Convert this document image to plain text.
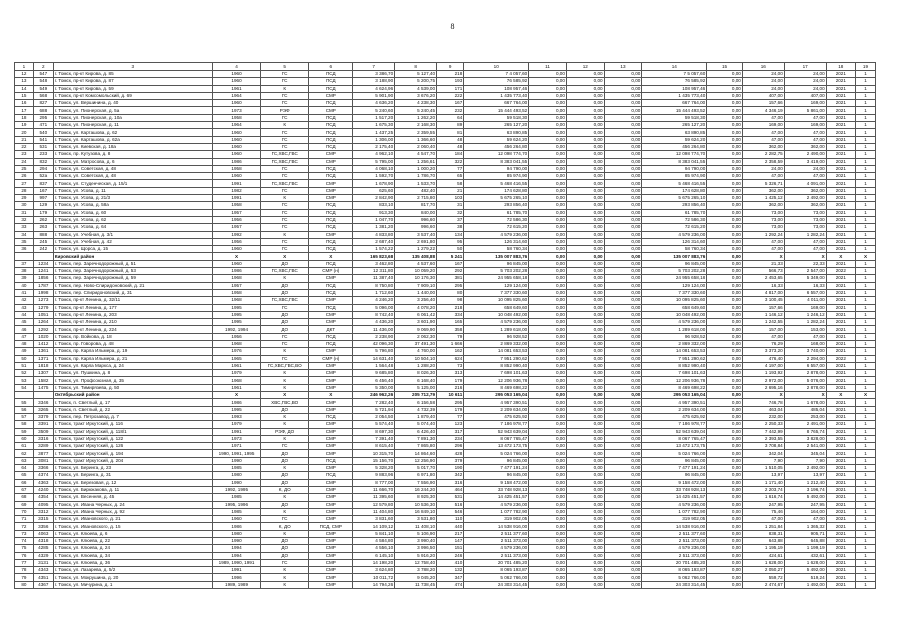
8
1	2	3	4	5	6	7	8	9	10	11	12	13	14	15	16	17	18	19
12	547	г. Томск, пр-кт Кирова, д. 85	1960	ГС	ПСД	3 386,70	5 127,40	218	7 4 057,60	0,00	0,00	0,00	7 5 057,60	0,00	24,00	24,00	2021	1
13	548	г. Томск, пр-кт Кирова, д. 87	1960	ГС	ПСД	3 188,90	5 200,75	193	76 585,92	0,00	0,00	0,00	76 585,92	0,00	24,00	24,00	2021	1
14	549	г. Томск, пр-кт Кирова, д. 59	1961	К	ПСД	4 624,96	4 539,00	171	108 957,46	0,00	0,00	0,00	108 957,46	0,00	24,00	24,00	2021	1
15	568	г. Томск, пр-кт Комсомольский, д. 69	1964	ГС	СМР	5 901,90	3 676,20	222	1 435 773,40	0,00	0,00	0,00	1 435 773,40	0,00	407,00	407,00	2021	1
16	827	г. Томск, ул. Вершинина, д. 40	1960	ГС	ПСД	4 636,20	4 238,30	167	667 764,00	0,00	0,00	0,00	667 764,00	0,00	157,66	169,00	2021	1
17	688	г. Томск, ул. Пионерская, д. 5а	1973	РЭФ	СМР	5 240,60	5 240,45	232	15 444 493,52	0,00	0,00	0,00	15 444 493,52	0,00	4 346,19	5 861,00	2021	1
18	295	г. Томск, ул. Пионерская, д. 10а	1958	ГС	ПСД	1 517,20	1 262,20	64	59 518,30	0,00	0,00	0,00	59 518,30	0,00	47,00	47,00	2021	1
19	471	г. Томск, ул. Пионерская, д. 11	1964	К	ПСД	1 675,30	2 168,30	89	265 127,20	0,00	0,00	0,00	265 127,20	0,00	169,00	169,00	2021	1
20	540	г. Томск, ул. Карташова, д. 62	1960	ГС	ПСД	1 437,25	2 359,55	81	63 890,85	0,00	0,00	0,00	63 890,85	0,00	47,00	47,00	2021	1
21	541	г. Томск, ул. Карташова, д. 62а	1960	ГС	ПСД	1 306,00	1 366,60	48	59 624,20	0,00	0,00	0,00	59 624,20	0,00	47,00	47,00	2021	1
22	531	г. Томск, ул. Киевская, д. 18а	1960	ГС	ПСД	2 175,40	2 060,40	48	456 264,80	0,00	0,00	0,00	456 264,80	0,00	362,00	362,00	2021	1
23	233	г. Томск, пр. Кутузова, д. 8	1960	ГС,ХВС,ГВС	СМР	4 962,10	4 547,70	184	12 098 774,70	0,00	0,00	0,00	12 098 774,70	0,00	2 282,75	2 490,00	2021	1
24	832	г. Томск, ул. Матросова, д. 6	1986	ГС,ХВС,ГВС	СМР	5 795,00	1 256,61	322	8 383 041,55	0,00	0,00	0,00	8 383 041,55	0,00	2 358,59	3 419,00	2021	1
25	294	г. Томск, ул. Советская, д. 48	1958	ГС	ПСД	4 068,10	1 000,20	77	94 790,00	0,00	0,00	0,00	94 790,00	0,00	24,00	24,00	2021	1
26	52а	г. Томск, ул. Советская, д. 48	1960	ГС	ПСД	1 592,70	1 786,70	65	85 974,90	0,00	0,00	0,00	85 974,90	0,00	47,00	47,00	2021	1
27	837	г. Томск, ул. Студенческая, д. 15/1	1991	ГС,ХВС,ГВС	СМР	1 678,90	1 533,70	58	5 468 416,55	0,00	0,00	0,00	5 468 416,55	0,00	5 326,71	4 091,00	2021	1
28	167	г. Томск, ул. Усова, д. 11	1982	ГС	СМР	625,60	482,40	21	174 628,80	0,00	0,00	0,00	174 628,80	0,00	362,00	362,00	2021	1
29	997	г. Томск, ул. Усова, д. 21/3	1991	К	СМР	2 842,90	2 715,80	103	5 675 265,10	0,00	0,00	0,00	5 675 265,10	0,00	1 425,12	2 492,00	2021	1
30	129	г. Томск, ул. Усова, д. 58а	1958	ГС	ПСД	833,10	817,70	31	293 856,40	0,00	0,00	0,00	293 856,40	0,00	362,00	362,00	2021	1
31	179	г. Томск, ул. Усова, д. 60	1957	ГС	ПСД	913,30	840,00	32	61 785,70	0,00	0,00	0,00	61 785,70	0,00	73,00	73,00	2021	1
32	262	г. Томск, ул. Усова, д. 62	1956	ГС	ПСД	1 047,70	996,60	37	72 586,30	0,00	0,00	0,00	72 586,30	0,00	73,00	73,00	2021	1
33	263	г. Томск, ул. Усова, д. 64	1957	ГС	ПСД	1 381,20	996,60	38	72 615,20	0,00	0,00	0,00	72 615,20	0,00	73,00	73,00	2021	1
34	888	г. Томск, ул. Учебная, д. 3/1	1992	К	СМР	4 833,80	3 537,40	134	4 579 236,00	0,00	0,00	0,00	4 579 236,00	0,00	1 292,24	1 282,24	2021	1
35	245	г. Томск, ул. Учебная, д. 42	1956	ГС	ПСД	2 687,40	2 691,80	95	126 314,60	0,00	0,00	0,00	126 314,60	0,00	47,00	47,00	2021	1
36	242	г. Томск, ул. Щорса, д. 15	1960	ГС	ПСД	1 574,22	1 279,22	50	58 760,34	0,00	0,00	0,00	58 760,34	0,00	47,00	47,00	2021	1
		Кировский район	X	X	X	165 823,68	135 408,88	5 241	135 007 883,76	0,00	0,00	0,00	135 007 883,76	0,00	X	X	X	X
37	1234	г. Томск, пер. Заречнодорожный, д. 51	1960	ДО	ПСД	3 462,80	4 537,60	167	96 845,00	0,00	0,00	0,00	96 845,00	0,00	21,33	22,33	2021	1
38	1241	г. Томск, пер. Заречнодорожный, д. 53	1986	ГС,ХВС,ГВС	СМР (н)	12 311,80	10 059,20	292	5 703 202,28	0,00	0,00	0,00	5 703 202,28	0,00	566,73	2 547,00	2022	1
39	1856	г. Томск, пер. Заречнодорожный, д. 59	1968	К	СМР	11 387,40	10 176,30	381	24 955 658,18	0,00	0,00	0,00	24 955 658,18	0,00	2 453,65	5 349,00	2021	1
40	1787	г. Томск, пер. Ново-Спиридоновский, д. 21	1957	ДО	ПСД	8 750,80	7 909,10	295	129 124,00	0,00	0,00	0,00	129 124,00	0,00	16,33	16,33	2021	1
41	1998	г. Томск, пер. Спиридоновский, д. 31	1958	ДО	ПСД	1 712,60	1 440,00	80	7 377 330,60	0,00	0,00	0,00	7 377 330,60	0,00	4 817,00	6 557,00	2021	1
42	1273	г. Томск, пр-кт Ленина, д. 32/11	1968	ГС,ХВС,ГВС	СМР	4 246,20	3 256,40	98	10 095 825,60	0,00	0,00	0,00	10 095 825,60	0,00	3 100,45	4 011,00	2021	1
43	1279	г. Томск, пр-кт Ленина, д. 177	1995	ГС	ПСД	5 096,00	4 078,20	218	658 649,60	0,00	0,00	0,00	658 649,60	0,00	157,66	169,00	2021	1
44	1051	г. Томск, пр-кт Ленина, д. 203	1995	ДО	СМР	8 742,40	6 061,42	334	10 048 492,00	0,00	0,00	0,00	10 048 492,00	0,00	1 146,12	1 246,12	2021	1
45	1264	г. Томск, пр-кт Ленина, д. 210	1995	ДО	СМР	4 436,20	3 601,90	165	4 579 236,00	0,00	0,00	0,00	4 579 236,00	0,00	1 242,55	1 282,24	2021	1
46	1292	г. Томск, пр-кт Ленина, д. 224	1992, 1994	ДО	ДКТ	11 436,00	9 069,90	358	1 289 618,00	0,00	0,00	0,00	1 289 618,00	0,00	157,00	153,00	2021	1
47	1020	г. Томск, пр. Войкова, д. 18	1956	ГС	ПСД	2 238,90	2 062,30	79	96 928,52	0,00	0,00	0,00	96 928,52	0,00	47,00	47,00	2021	1
48	1412	г. Томск, пр. Говорова, д. 48	1968	ГС	ПСД	42 096,30	37 491,30	1 666	2 869 332,00	0,00	0,00	0,00	2 869 332,00	0,00	76,29	168,00	2021	1
49	1361	г. Томск, пр. Карла Ильмера, д. 19	1976	К	СМР	5 796,80	4 760,00	162	14 081 653,53	0,00	0,00	0,00	14 081 653,53	0,00	3 373,20	3 740,00	2021	1
50	1371	г. Томск, пр. Карла Ильмера, д. 21	1965	ГС	СМР (н)	14 631,40	10 504,10	624	7 951 290,62	0,00	0,00	0,00	7 951 290,62	0,00	476,40	2 294,00	2022	1
51	1818	г. Томск, ул. Карла Маркса, д. 24	1961	ГС,ХВС,ГВС,ВО	СМР	1 564,48	1 288,20	73	8 852 990,40	0,00	0,00	0,00	8 852 990,40	0,00	4 197,00	6 557,00	2021	1
52	1307	г. Томск, ул. Пушкина, д. 8	1979	К	СМР	9 685,80	8 026,30	313	7 698 101,63	0,00	0,00	0,00	7 698 101,63	0,00	1 193,92	2 878,00	2021	1
53	1582	г. Томск, ул. Профсоюзная, д. 35	1968	К	СМР	6 456,40	6 168,40	179	12 206 936,78	0,00	0,00	0,00	12 206 936,78	0,00	2 972,00	5 076,00	2021	1
54	1475	г. Томск, ул. Тимирязева, д. 50	1961	К	СМР	5 350,00	5 125,00	216	8 469 698,22	0,00	0,00	0,00	8 469 698,22	0,00	2 695,16	2 878,00	2021	1
		Октябрьский район	X	X	X	246 962,26	205 712,79	10 611	295 053 165,04	0,00	0,00	0,00	295 053 165,04	0,00	X	X	X	X
55	3346	г. Томск, п. Светлый, д. 17	1986	ХВС,ГВС,ВО	СМР	7 282,40	6 156,58	295	4 957 390,51	0,00	0,00	0,00	4 957 390,51	0,00	746,78	1 678,00	2021	1
56	3265	г. Томск, п. Светлый, д. 22	1995	ДО	СМР	5 721,94	4 732,39	179	2 209 634,00	0,00	0,00	0,00	2 209 634,00	0,00	463,04	485,04	2021	1
57	3379	г. Томск, пер. Петрозавод, д. 7	1993	К	ПСД	2 054,50	1 879,40	77	475 625,92	0,00	0,00	0,00	475 625,92	0,00	232,00	253,00	2021	1
58	3391	г. Томск, тракт Иркутский, д. 116	1979	К	СМР	5 574,40	5 074,40	123	7 186 978,77	0,00	0,00	0,00	7 186 978,77	0,00	2 250,33	2 491,00	2021	1
59	3509	г. Томск, тракт Иркутский, д. 118/1	1991	РЭФ, ДО	СМР	8 697,30	6 426,40	317	52 943 639,04	0,00	0,00	0,00	52 943 639,04	0,00	7 442,99	8 765,74	2021	1
60	3316	г. Томск, тракт Иркутский, д. 122	1973	К	СМР	7 391,40	7 891,30	234	8 067 765,47	0,00	0,00	0,00	8 067 765,47	0,00	2 393,55	3 828,00	2021	1
61	3289	г. Томск, тракт Иркутский, д. 126	1971	ГС	СМР	8 615,40	7 865,80	296	13 472 173,75	0,00	0,00	0,00	13 472 173,75	0,00	3 708,84	2 541,00	2021	1
62	3877	г. Томск, тракт Иркутский, д. 194	1990, 1991, 1995	ДО	СМР	10 315,70	14 864,60	428	5 024 766,00	0,00	0,00	0,00	5 024 766,00	0,00	342,04	345,04	2021	1
63	3081	г. Томск, тракт Иркутский, д. 204	1990	ДО	ПСД	15 156,70	12 256,90	379	96 845,00	0,00	0,00	0,00	96 845,00	0,00	7,90	7,90	2021	1
64	3366	г. Томск, ул. Беринга, д. 23	1985	К	СМР	5 328,20	5 017,70	190	7 477 191,24	0,00	0,00	0,00	7 477 191,24	0,00	1 510,05	2 492,00	2021	1
65	4374	г. Томск, ул. Беринга, д. 31	1980	ДО	ПСД	9 883,96	6 971,80	342	96 845,00	0,00	0,00	0,00	96 845,00	0,00	13,97	13,97	2021	1
66	4363	г. Томск, ул. Березовая, д. 12	1990	ДО	СМР	8 777,00	7 556,90	316	9 158 472,00	0,00	0,00	0,00	9 158 472,00	0,00	1 171,40	1 212,40	2021	1
67	4240	г. Томск, ул. Бирюкакова, д. 11	1992, 1995	К, ДО	СМР	11 666,70	16 244,20	464	33 748 928,13	0,00	0,00	0,00	33 748 928,13	0,00	2 203,74	3 196,74	2021	1
68	4354	г. Томск, ул. Весенняя, д. 45	1985	К	СМР	11 395,60	8 925,30	531	14 425 451,57	0,00	0,00	0,00	14 425 451,57	0,00	1 616,74	5 492,00	2021	1
69	4095	г. Томск, ул. Ивана Черных, д. 24	1995, 1996	ДО	СМР	12 579,80	10 536,30	516	4 579 236,00	0,00	0,00	0,00	4 579 236,00	0,00	247,95	247,95	2021	1
70	3312	г. Томск, ул. Ивана Черных, д. 92	1985	К	СМР	11 404,80	16 849,10	546	1 077 782,90	0,00	0,00	0,00	1 077 782,90	0,00	75,46	164,00	2021	1
71	3315	г. Томск, ул. Ивановского, д. 21	1960	ГС	СМР	3 831,60	3 531,80	110	319 902,05	0,00	0,00	0,00	319 902,05	0,00	47,00	47,00	2021	1
72	3356	г. Томск, ул. Ивановского, д. 15	1986	К, ДО	ПСД, СМР	14 109,12	11 408,10	440	14 538 916,00	0,00	0,00	0,00	14 538 916,00	0,00	1 251,84	1 365,32	2021	1
73	4063	г. Томск, ул. Клюева, д. 6	1980	К	СМР	5 841,10	5 106,90	217	2 511 377,60	0,00	0,00	0,00	2 511 377,60	0,00	838,31	905,71	2021	1
74	4318	г. Томск, ул. Клюева, д. 22	1990	ДО	СМР	4 584,80	3 990,40	147	2 511 373,00	0,00	0,00	0,00	2 511 373,00	0,00	643,88	645,88	2021	1
75	4285	г. Томск, ул. Клюева, д. 24	1994	ДО	СМР	4 556,10	3 996,50	151	4 579 236,00	0,00	0,00	0,00	4 579 236,00	0,00	1 195,19	1 199,19	2021	1
76	4329	г. Томск, ул. Клюева, д. 34	1994	ДО	СМР	6 145,10	5 916,20	246	2 511 373,00	0,00	0,00	0,00	2 511 373,00	0,00	424,61	432,61	2021	1
77	3131	г. Томск, ул. Клюева, д. 36	1989, 1990, 1991	ГС	СМР	14 198,20	12 758,40	410	20 701 485,20	0,00	0,00	0,00	20 701 485,20	0,00	1 628,00	1 628,00	2021	1
78	4343	г. Томск, ул. Лазарева, д. 5/2	1991	К	СМР	3 624,80	3 788,20	132	8 065 193,87	0,00	0,00	0,00	8 065 193,87	0,00	2 050,27	5 492,00	2021	1
79	4351	г. Томск, ул. Мокрушина, д. 20	1996	К	СМР	10 011,72	9 045,20	347	5 062 766,00	0,00	0,00	0,00	5 062 766,00	0,00	559,72	519,24	2021	1
80	4367	г. Томск, ул. Мичурина, д. 1	1989, 1989	К	СМР	14 794,26	11 738,45	474	24 303 314,45	0,00	0,00	0,00	24 303 314,45	0,00	2 474,67	1 492,00	2021	1
